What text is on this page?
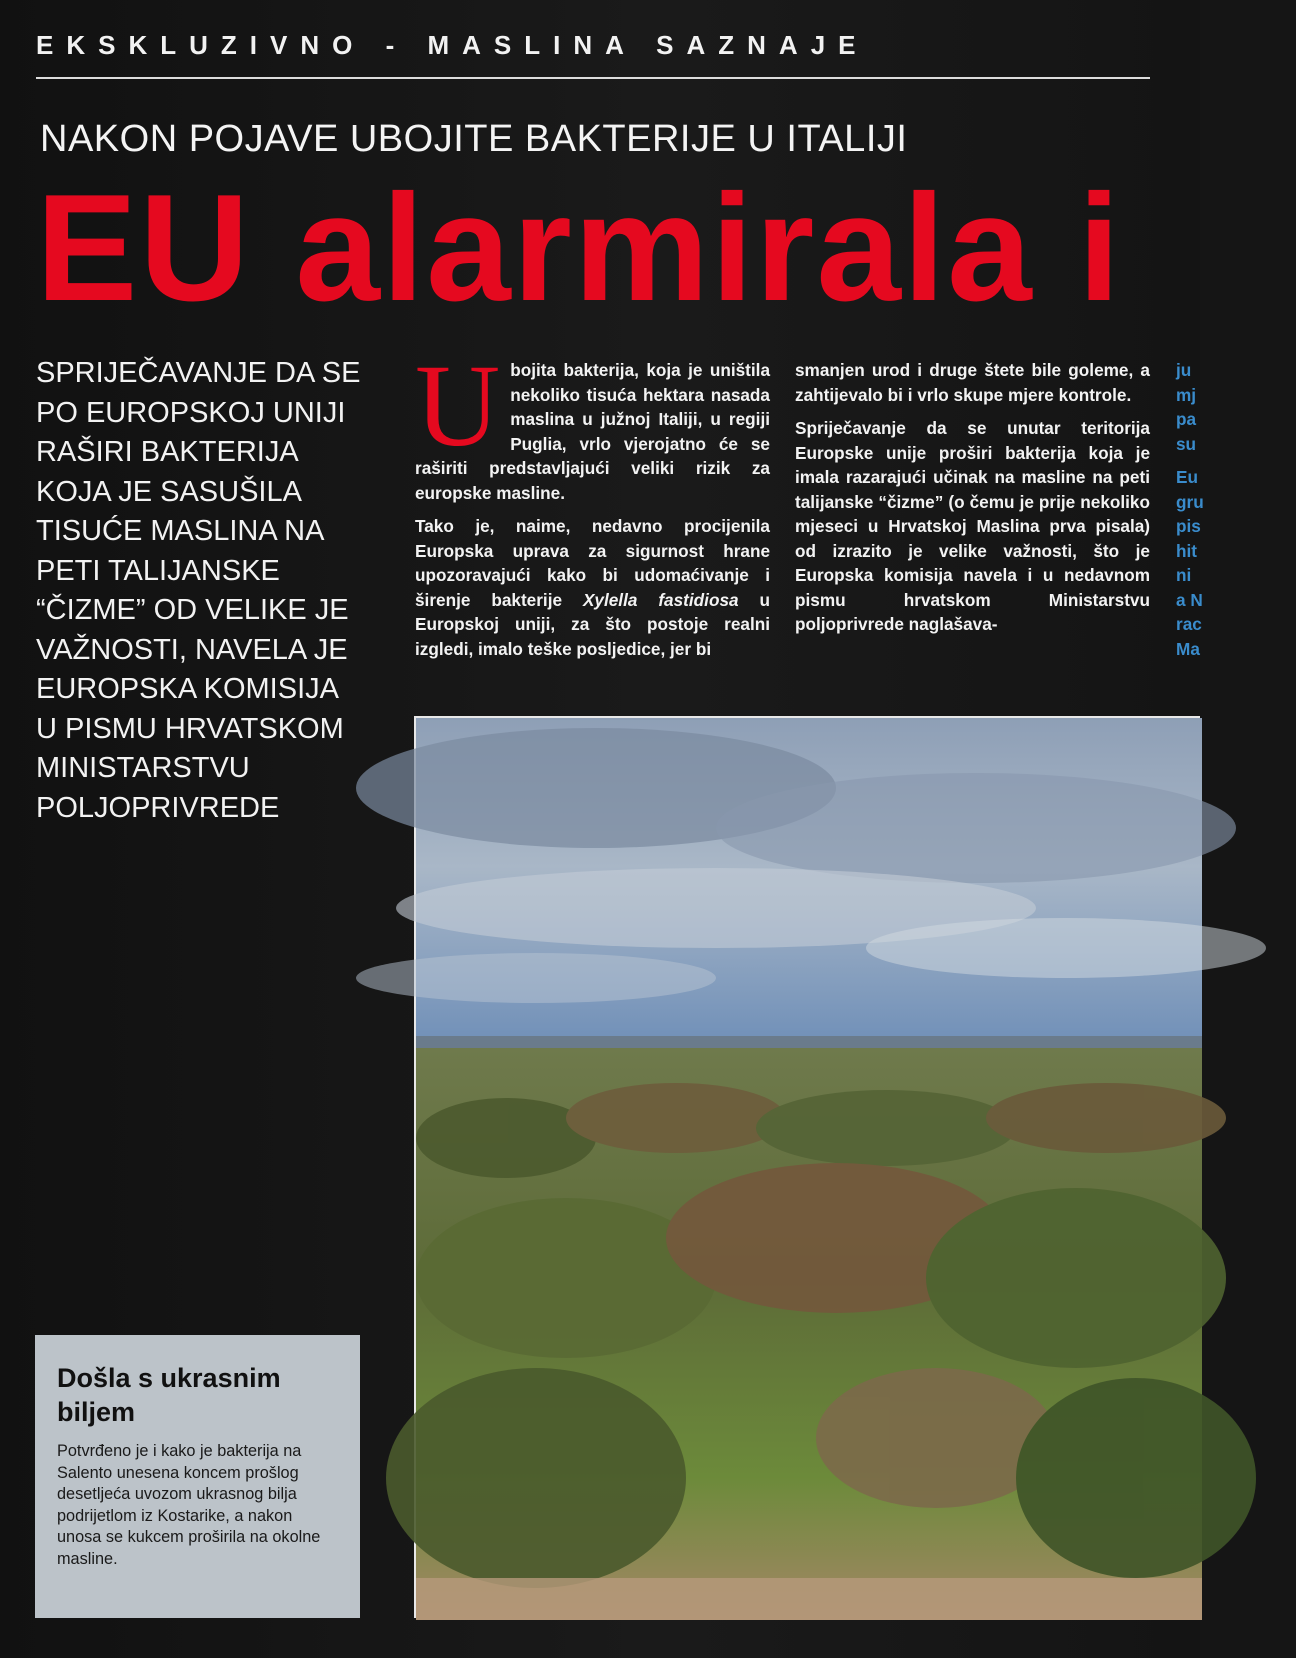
EKSKLUZIVNO - MASLINA SAZNAJE
NAKON POJAVE UBOJITE BAKTERIJE U ITALIJI
EU alarmirala i
SPRIJEČAVANJE DA SE PO EUROPSKOJ UNIJI RAŠIRI BAKTERIJA KOJA JE SASUŠILA TISUĆE MASLINA NA PETI TALIJANSKE “ČIZME” OD VELIKE JE VAŽNOSTI, NAVELA JE EUROPSKA KOMISIJA U PISMU HRVATSKOM MINISTARSTVU POLJOPRIVREDE

Ubojita bakterija, koja je uništila nekoliko tisuća hektara nasada maslina u južnoj Italiji, u regiji Puglia, vrlo vjerojatno će se raširiti predstavljajući veliki rizik za europske masline.

Tako je, naime, nedavno procijenila Europska uprava za sigurnost hrane upozoravajući kako bi udomaćivanje i širenje bakterije Xylella fastidiosa u Europskoj uniji, za što postoje realni izgledi, imalo teške posljedice, jer bi

smanjen urod i druge štete bile goleme, a zahtijevalo bi i vrlo skupe mjere kontrole.

Spriječavanje da se unutar teritorija Europske unije proširi bakterija koja je imala razarajući učinak na masline na peti talijanske “čizme” (o čemu je prije nekoliko mjeseci u Hrvatskoj Maslina prva pisala) od izrazito je velike važnosti, što je Europska komisija navela i u nedavnom pismu hrvatskom Ministarstvu poljoprivrede naglašava-

ju
mj
pa
su
Eu
gru
pis
hit
ni
a N
rac
Ma
Došla s ukrasnim biljem

Potvrđeno je i kako je bakterija na Salento unesena koncem prošlog desetljeća uvozom ukrasnog bilja podrijetlom iz Kostarike, a nakon unosa se kukcem proširila na okolne masline.
